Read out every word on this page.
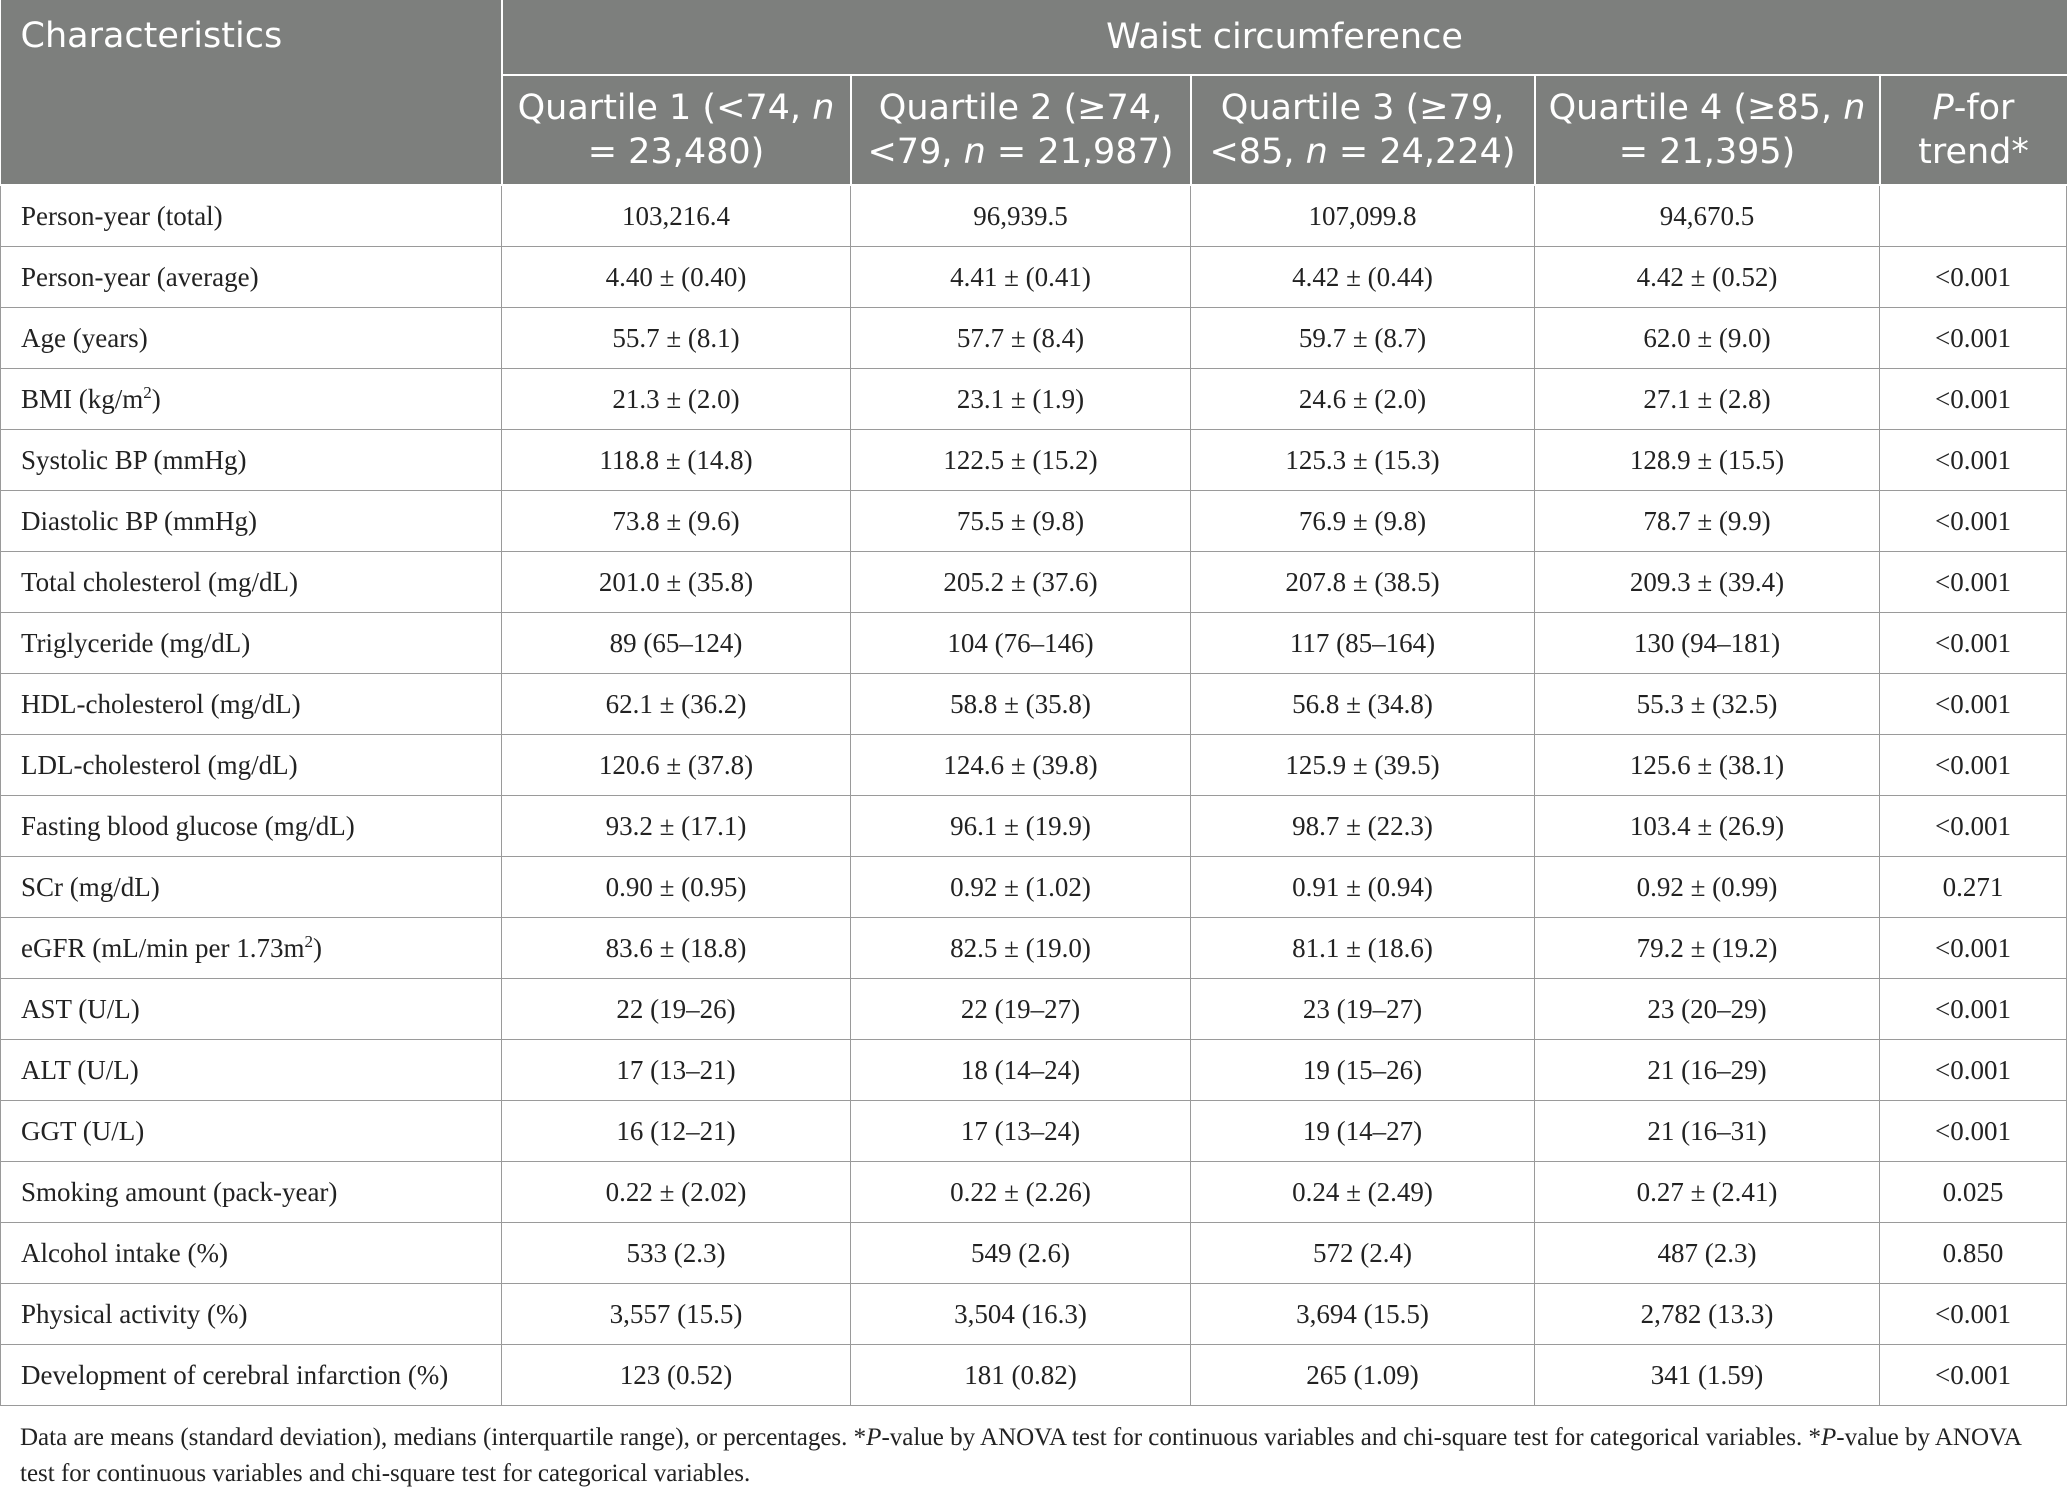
Characteristics	Waist circumference				
	Quartile 1 (<74, n = 23,480)	Quartile 2 (≥74, <79, n = 21,987)	Quartile 3 (≥79, <85, n = 24,224)	Quartile 4 (≥85, n = 21,395)	P-for trend*
Person-year (total)	103,216.4	96,939.5	107,099.8	94,670.5	
Person-year (average)	4.40 ± (0.40)	4.41 ± (0.41)	4.42 ± (0.44)	4.42 ± (0.52)	<0.001
Age (years)	55.7 ± (8.1)	57.7 ± (8.4)	59.7 ± (8.7)	62.0 ± (9.0)	<0.001
BMI $(kg/m^2)$	21.3 ± (2.0)	23.1 ± (1.9)	24.6 ± (2.0)	27.1 ± (2.8)	<0.001
Systolic BP (mmHg)	118.8 ± (14.8)	122.5 ± (15.2)	125.3 ± (15.3)	128.9 ± (15.5)	<0.001
Diastolic BP (mmHg)	73.8 ± (9.6)	75.5 ± (9.8)	76.9 ± (9.8)	78.7 ± (9.9)	<0.001
Total cholesterol (mg/dL)	201.0 ± (35.8)	205.2 ± (37.6)	207.8 ± (38.5)	209.3 ± (39.4)	<0.001
Triglyceride (mg/dL)	89 (65–124)	104 (76–146)	117 (85–164)	130 (94–181)	<0.001
HDL-cholesterol (mg/dL)	62.1 ± (36.2)	58.8 ± (35.8)	56.8 ± (34.8)	55.3 ± (32.5)	<0.001
LDL-cholesterol (mg/dL)	120.6 ± (37.8)	124.6 ± (39.8)	125.9 ± (39.5)	125.6 ± (38.1)	<0.001
Fasting blood glucose (mg/dL)	93.2 ± (17.1)	96.1 ± (19.9)	98.7 ± (22.3)	103.4 ± (26.9)	<0.001
SCr (mg/dL)	0.90 ± (0.95)	0.92 ± (1.02)	0.91 ± (0.94)	0.92 ± (0.99)	0.271
eGFR (mL/min per $1.73m^2$)	83.6 ± (18.8)	82.5 ± (19.0)	81.1 ± (18.6)	79.2 ± (19.2)	<0.001
AST (U/L)	22 (19–26)	22 (19–27)	23 (19–27)	23 (20–29)	<0.001
ALT (U/L)	17 (13–21)	18 (14–24)	19 (15–26)	21 (16–29)	<0.001
GGT (U/L)	16 (12–21)	17 (13–24)	19 (14–27)	21 (16–31)	<0.001
Smoking amount (pack-year)	0.22 ± (2.02)	0.22 ± (2.26)	0.24 ± (2.49)	0.27 ± (2.41)	0.025
Alcohol intake (%)	533 (2.3)	549 (2.6)	572 (2.4)	487 (2.3)	0.850
Physical activity (%)	3,557 (15.5)	3,504 (16.3)	3,694 (15.5)	2,782 (13.3)	<0.001
Development of cerebral infarction (%)	123 (0.52)	181 (0.82)	265 (1.09)	341 (1.59)	<0.001
Data are means (standard deviation), medians (interquartile range), or percentages. *P-value by ANOVA test for continuous variables and chi-square test for categorical variables. *P-value by ANOVA test for continuous variables and chi-square test for categorical variables.
